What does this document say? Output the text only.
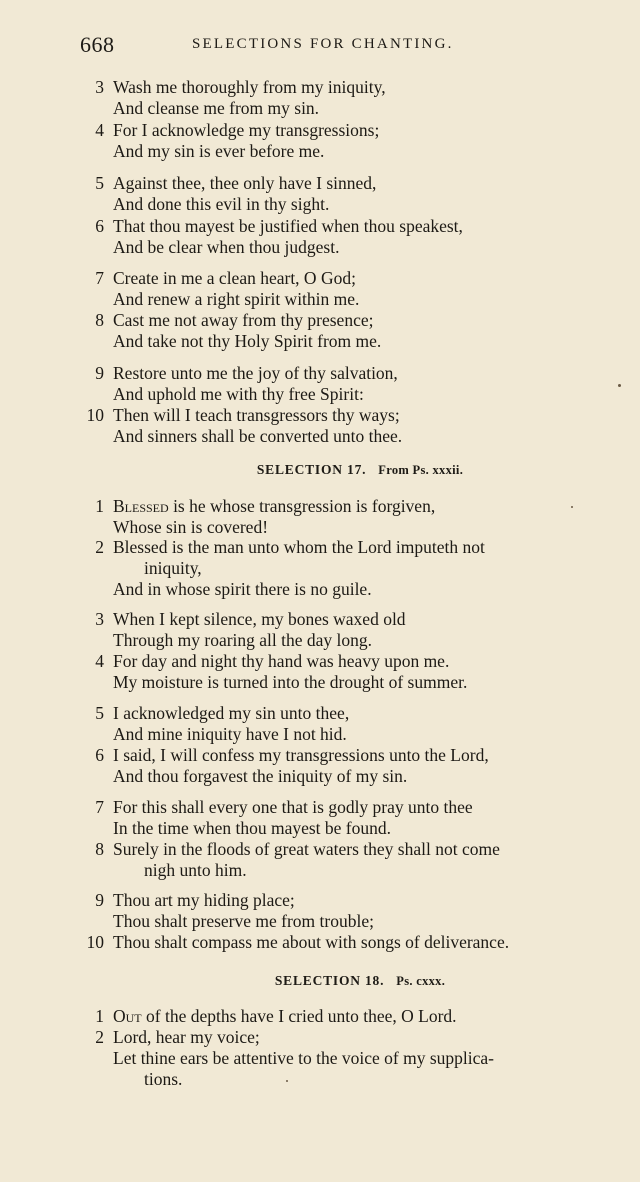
668	SELECTIONS FOR CHANTING.
3 Wash me thoroughly from my iniquity,
And cleanse me from my sin.
4 For I acknowledge my transgressions;
And my sin is ever before me.
5 Against thee, thee only have I sinned,
And done this evil in thy sight.
6 That thou mayest be justified when thou speakest,
And be clear when thou judgest.
7 Create in me a clean heart, O God;
And renew a right spirit within me.
8 Cast me not away from thy presence;
And take not thy Holy Spirit from me.
9 Restore unto me the joy of thy salvation,
And uphold me with thy free Spirit:
10 Then will I teach transgressors thy ways;
And sinners shall be converted unto thee.
SELECTION 17. From Ps. xxxii.
1 Blessed is he whose transgression is forgiven,
Whose sin is covered!
2 Blessed is the man unto whom the Lord imputeth not
iniquity,
And in whose spirit there is no guile.
3 When I kept silence, my bones waxed old
Through my roaring all the day long.
4 For day and night thy hand was heavy upon me.
My moisture is turned into the drought of summer.
5 I acknowledged my sin unto thee,
And mine iniquity have I not hid.
6 I said, I will confess my transgressions unto the Lord,
And thou forgavest the iniquity of my sin.
7 For this shall every one that is godly pray unto thee
In the time when thou mayest be found.
8 Surely in the floods of great waters they shall not come
nigh unto him.
9 Thou art my hiding place;
Thou shalt preserve me from trouble;
10 Thou shalt compass me about with songs of deliverance.
SELECTION 18. Ps. cxxx.
1 Out of the depths have I cried unto thee, O Lord.
2 Lord, hear my voice;
Let thine ears be attentive to the voice of my supplica-
tions.
